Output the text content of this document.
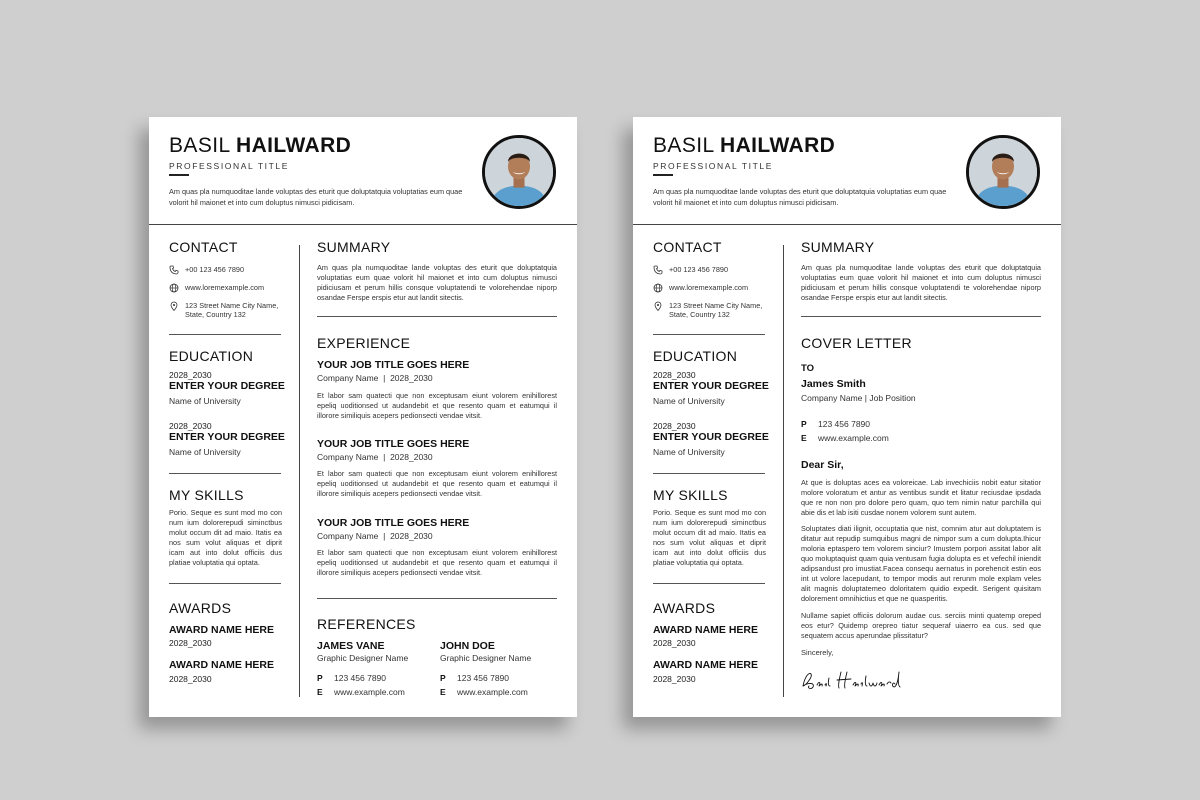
BASIL HAILWARD
PROFESSIONAL TITLE
Am quas pla numquoditae lande voluptas des eturit que doluptatquia voluptatias eum quae volorit hil maionet et into cum doluptus nimusci pidicisam.
CONTACT
+00 123 456 7890
www.loremexample.com
123 Street Name City Name, State, Country 132
EDUCATION
2028_2030
ENTER YOUR DEGREE
Name of University
2028_2030
ENTER YOUR DEGREE
Name of University
MY SKILLS
Porio. Seque es sunt mod mo con num ium dolorerepudi siminctbus molut occum dit ad maio. Itatis ea nos sum volut aliquas et diprit icam aut into dolut officiis dus platiae voluptatia qui optata.
AWARDS
AWARD NAME HERE
2028_2030
AWARD NAME HERE
2028_2030
SUMMARY
Am quas pla numquoditae lande voluptas des eturit que doluptatquia voluptatias eum quae volorit hil maionet et into cum doluptus nimusci pidiciusam et perum hillis consque voluptatendi te volorehendae niporp osandae Ferspe erspis etur aut landit sitectis.
EXPERIENCE
YOUR JOB TITLE GOES HERE
Company Name  |  2028_2030
Et labor sam quatecti que non exceptusam eiunt volorem enihillorest epeliq uoditionsed ut audandebit et que resento quam et eatumqui il illorore similiquis acepers pedionsecti vendae vitsit.
YOUR JOB TITLE GOES HERE
Company Name  |  2028_2030
Et labor sam quatecti que non exceptusam eiunt volorem enihillorest epeliq uoditionsed ut audandebit et que resento quam et eatumqui il illorore similiquis acepers pedionsecti vendae vitsit.
YOUR JOB TITLE GOES HERE
Company Name  |  2028_2030
Et labor sam quatecti que non exceptusam eiunt volorem enihillorest epeliq uoditionsed ut audandebit et que resento quam et eatumqui il illorore similiquis acepers pedionsecti vendae vitsit.
REFERENCES
JAMES VANE
Graphic Designer Name
P 123 456 7890
E www.example.com
JOHN DOE
Graphic Designer Name
P 123 456 7890
E www.example.com
BASIL HAILWARD
PROFESSIONAL TITLE
Am quas pla numquoditae lande voluptas des eturit que doluptatquia voluptatias eum quae volorit hil maionet et into cum doluptus nimusci pidicisam.
CONTACT
+00 123 456 7890
www.loremexample.com
123 Street Name City Name, State, Country 132
EDUCATION
2028_2030
ENTER YOUR DEGREE
Name of University
2028_2030
ENTER YOUR DEGREE
Name of University
MY SKILLS
Porio. Seque es sunt mod mo con num ium dolorerepudi siminctbus molut occum dit ad maio. Itatis ea nos sum volut aliquas et diprit icam aut into dolut officiis dus platiae voluptatia qui optata.
AWARDS
AWARD NAME HERE
2028_2030
AWARD NAME HERE
2028_2030
SUMMARY
Am quas pla numquoditae lande voluptas des eturit que doluptatquia voluptatias eum quae volorit hil maionet et into cum doluptus nimusci pidiciusam et perum hillis consque voluptatendi te volorehendae niporp osandae Ferspe erspis etur aut landit sitectis.
COVER LETTER
TO
James Smith
Company Name | Job Position
P 123 456 7890
E www.example.com
Dear Sir,
At que is doluptas aces ea voloreicae. Lab invechiciis nobit eatur sitatior molore voloratum et antur as ventibus sundit et litatur reciusdae ipsdada que re non non pro dolore pero quam, quo tem nimin natur parchilla qui abie dis et lab isiti cusdae nonem volorem sunt autem.
Soluptates diati ilignit, occuptatia que nist, comnim atur aut doluptatem is ditatur aut repudip sumquibus magni de nimpor sum a cum dolupta.Ihicur moloria eptaspero tem volorem sinciur? Imustem porpori assitat labor alit quo moluptaquist quam quia ventusam fugia dolupta es et vefechil iniendit adipsandust pro imustiat.Facea consequ aernatus in porehencit estin eos int ut volore lacepudant, to tempor modis aut rerunm mole explam veles alit magnis doluptatemeo doloritatem quidio expedit. Serigent quisitam dolorement omnihictius et que ne quasperitis.
Nullame sapiet officiis dolorum audae cus. serciis minti quatemp oreped eos etur? Quidemp orepreo tiatur sequeraf uiaerro ea cus. sed que sequatem accus aperundae plissitatur?
Sincerely,
